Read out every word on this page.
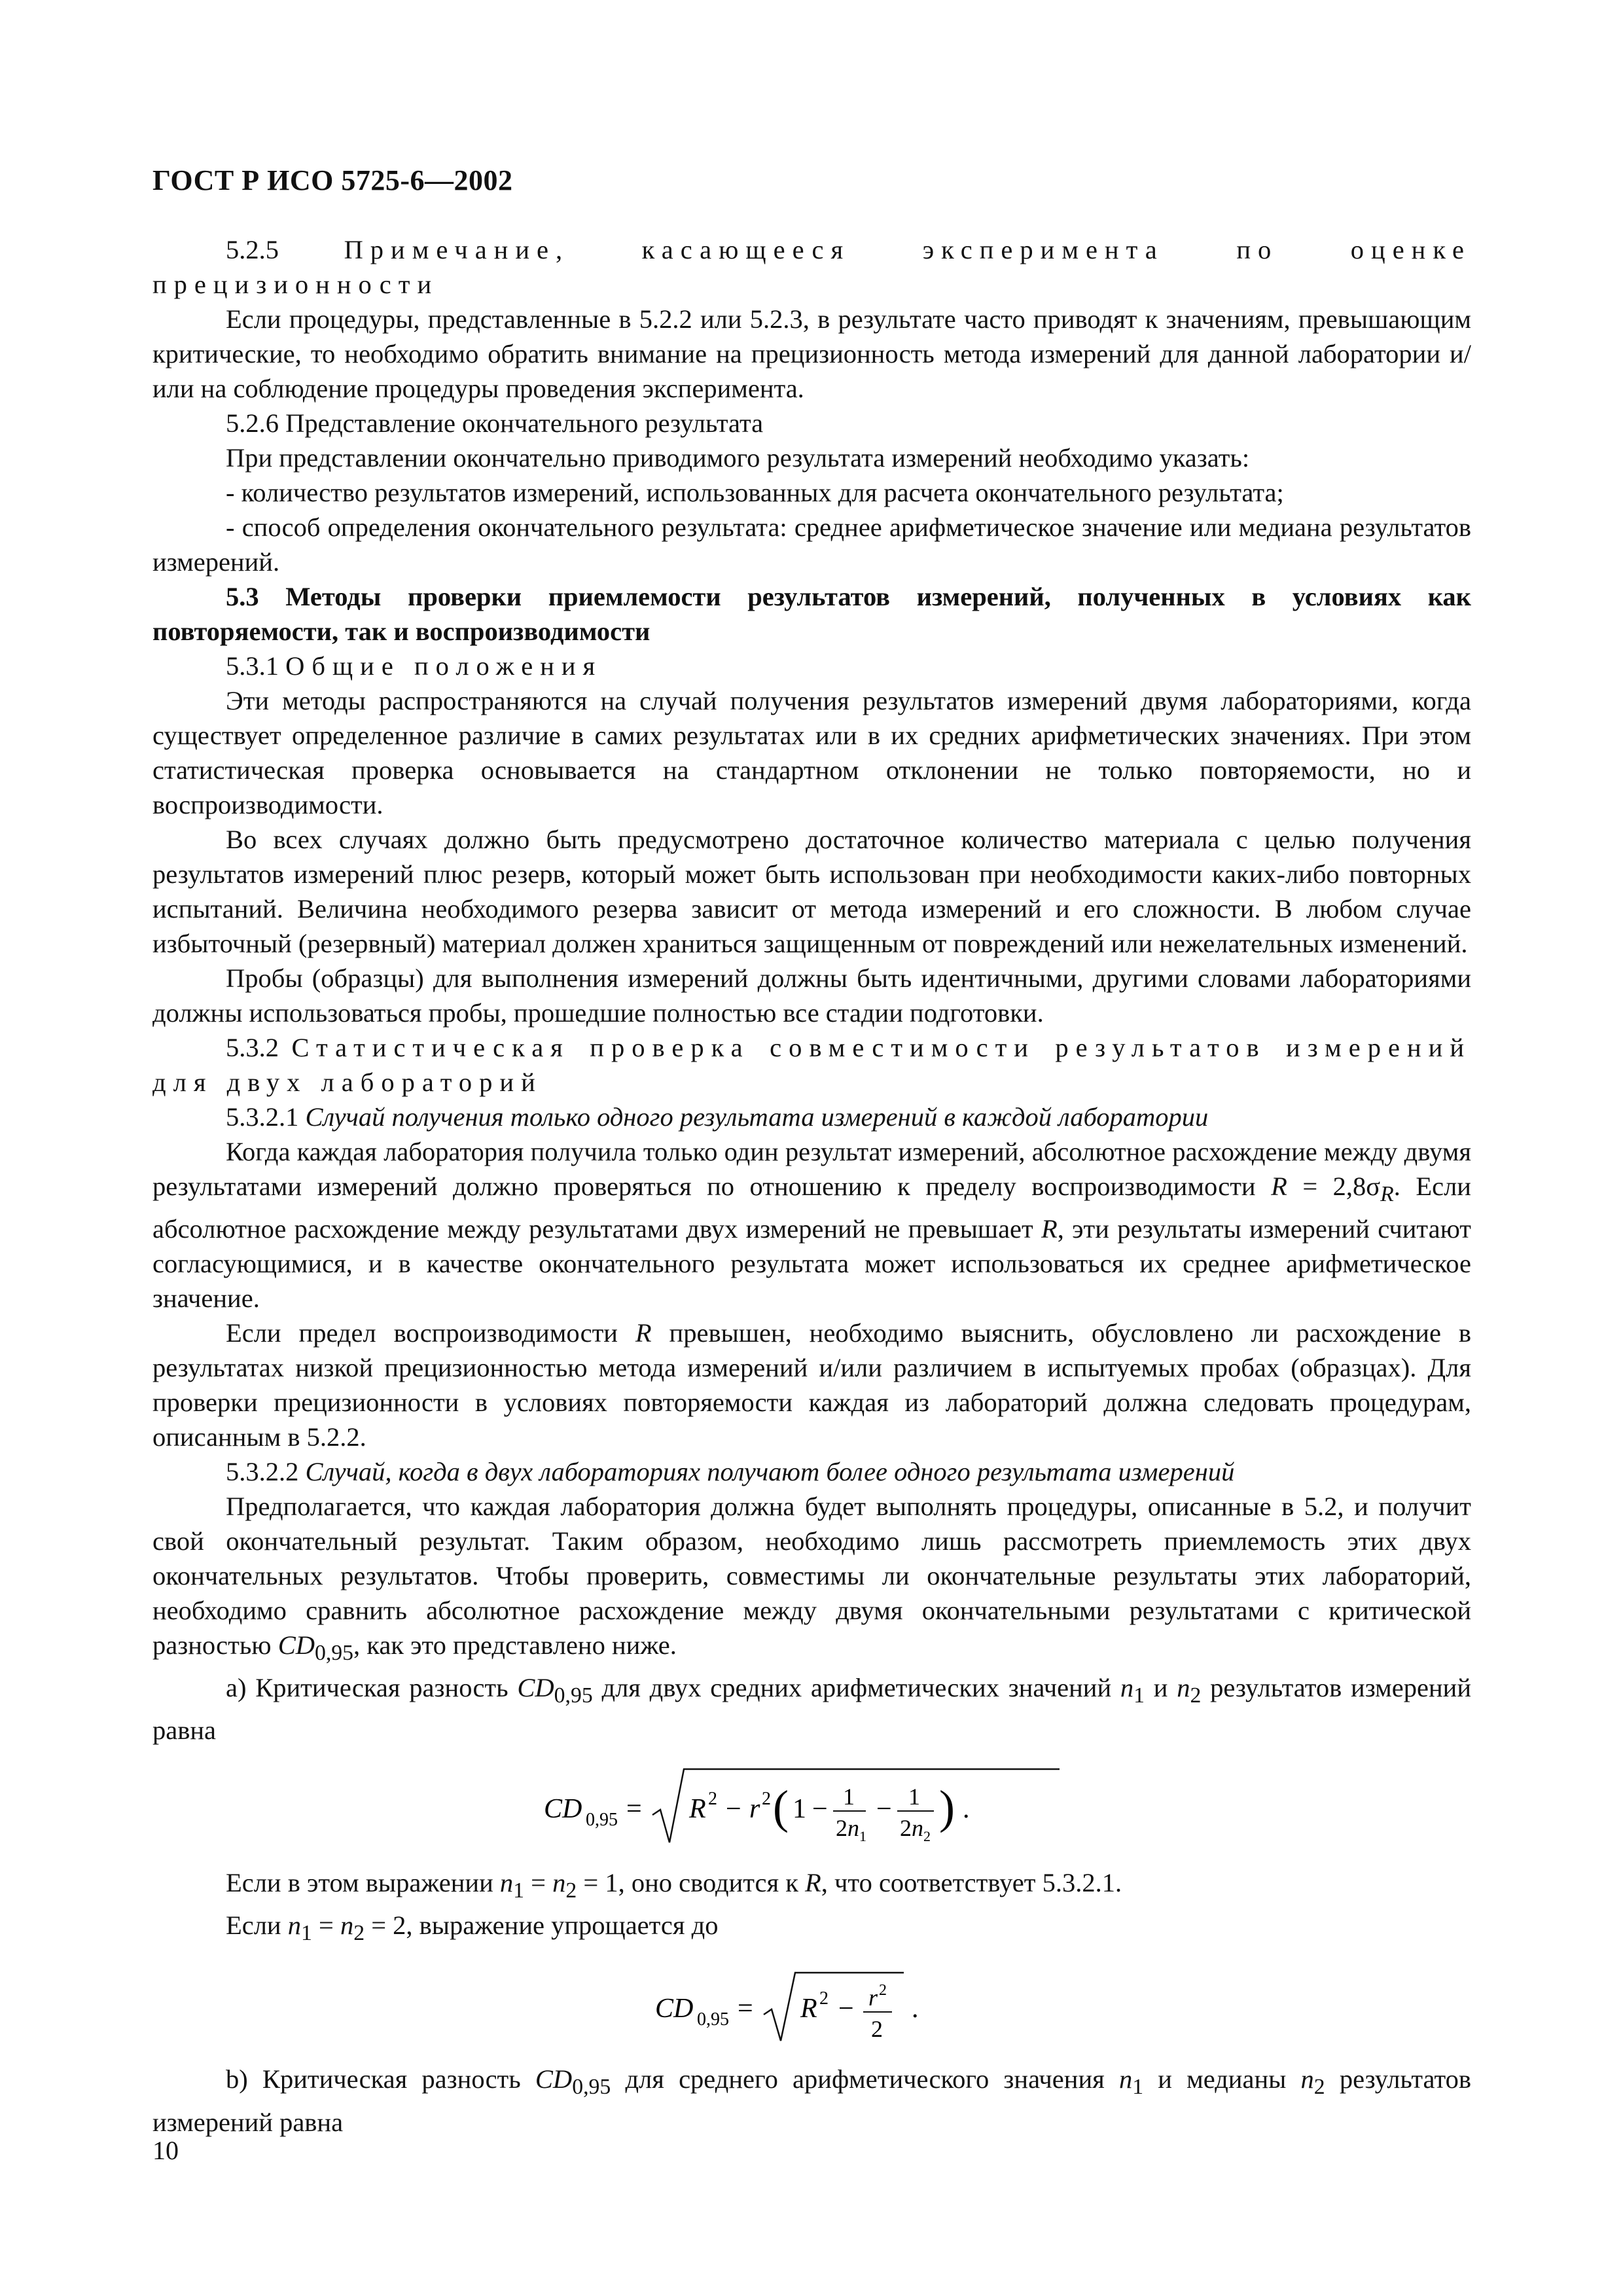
ГОСТ Р ИСО 5725-6—2002

5.2.5 Примечание, касающееся эксперимента по оценке прецизионности

Если процедуры, представленные в 5.2.2 или 5.2.3, в результате часто приводят к значениям, превышающим критические, то необходимо обратить внимание на прецизионность метода измерений для данной лаборатории и/или на соблюдение процедуры проведения эксперимента.

5.2.6 Представление окончательного результата

При представлении окончательно приводимого результата измерений необходимо указать:

- количество результатов измерений, использованных для расчета окончательного результата;

- способ определения окончательного результата: среднее арифметическое значение или медиана результатов измерений.

5.3 Методы проверки приемлемости результатов измерений, полученных в условиях как повторяемости, так и воспроизводимости

5.3.1 Общие положения

Эти методы распространяются на случай получения результатов измерений двумя лабораториями, когда существует определенное различие в самих результатах или в их средних арифметических значениях. При этом статистическая проверка основывается на стандартном отклонении не только повторяемости, но и воспроизводимости.

Во всех случаях должно быть предусмотрено достаточное количество материала с целью получения результатов измерений плюс резерв, который может быть использован при необходимости каких-либо повторных испытаний. Величина необходимого резерва зависит от метода измерений и его сложности. В любом случае избыточный (резервный) материал должен храниться защищенным от повреждений или нежелательных изменений.

Пробы (образцы) для выполнения измерений должны быть идентичными, другими словами лабораториями должны использоваться пробы, прошедшие полностью все стадии подготовки.

5.3.2 Статистическая проверка совместимости результатов измерений для двух лабораторий

5.3.2.1 Случай получения только одного результата измерений в каждой лаборатории

Когда каждая лаборатория получила только один результат измерений, абсолютное расхождение между двумя результатами измерений должно проверяться по отношению к пределу воспроизводимости $R = 2,8\sigma_R$. Если абсолютное расхождение между результатами двух измерений не превышает R, эти результаты измерений считают согласующимися, и в качестве окончательного результата может использоваться их среднее арифметическое значение.

Если предел воспроизводимости R превышен, необходимо выяснить, обусловлено ли расхождение в результатах низкой прецизионностью метода измерений и/или различием в испытуемых пробах (образцах). Для проверки прецизионности в условиях повторяемости каждая из лабораторий должна следовать процедурам, описанным в 5.2.2.

5.3.2.2 Случай, когда в двух лабораториях получают более одного результата измерений

Предполагается, что каждая лаборатория должна будет выполнять процедуры, описанные в 5.2, и получит свой окончательный результат. Таким образом, необходимо лишь рассмотреть приемлемость этих двух окончательных результатов. Чтобы проверить, совместимы ли окончательные результаты этих лабораторий, необходимо сравнить абсолютное расхождение между двумя окончательными результатами с критической разностью $CD_{0,95}$, как это представлено ниже.

a) Критическая разность $CD_{0,95}$ для двух средних арифметических значений $n_1$ и $n_2$ результатов измерений равна

CD 0,95 = R 2 − r 2 ( 1 − 1
2 n 1
− 1
2 n 2
) .

Если в этом выражении $n_1 = n_2 = 1$, оно сводится к R, что соответствует 5.3.2.1.

Если $n_1 = n_2 = 2$, выражение упрощается до

CD 0,95 = R 2 − r 2
2
.

b) Критическая разность $CD_{0,95}$ для среднего арифметического значения $n_1$ и медианы $n_2$ результатов измерений равна

10
